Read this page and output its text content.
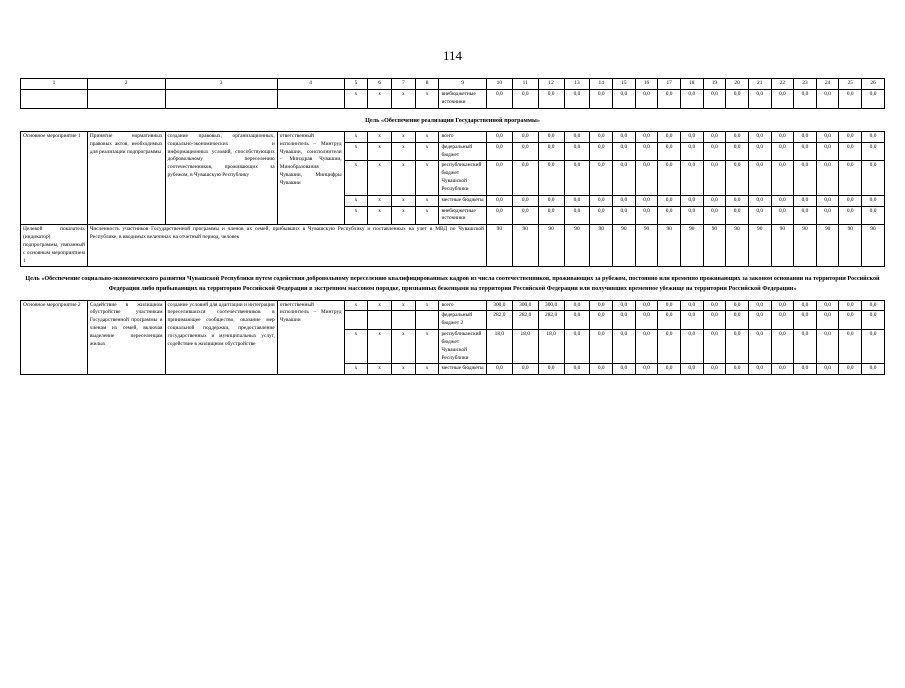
114
1	2	3	4	5	6	7	8	9	10	11	12	13	14	15	16	17	18	19	20	21	22	23	24	25	26
				x	x	x	x	внебюджетные источники	0,0	0,0	0,0	0,0	0,0	0,0	0,0	0,0	0,0	0,0	0,0	0,0	0,0	0,0	0,0	0,0	0,0
Цель «Обеспечение реализации Государственной программы»
Основное мероприятие 1	Принятие нормативных правовых актов, необходимых для реализации подпрограммы	создание правовых, организационных, социально-экономических и информационных условий, способствующих добровольному переселению соотечественников, проживающих за рубежом, в Чувашскую Республику	ответственный исполнитель – Минтруд Чувашии, соисполнители – Минздрав Чувашии, Минобразования Чувашии, Минцифры Чувашии	x	x	x	x	всего	0,0	0,0	0,0	0,0	0,0	0,0	0,0	0,0	0,0	0,0	0,0	0,0	0,0	0,0	0,0	0,0	0,0
				x	x	x	x	федеральный бюджет	0,0	0,0	0,0	0,0	0,0	0,0	0,0	0,0	0,0	0,0	0,0	0,0	0,0	0,0	0,0	0,0	0,0
				x	x	x	x	республиканский бюджет Чувашской Республики	0,0	0,0	0,0	0,0	0,0	0,0	0,0	0,0	0,0	0,0	0,0	0,0	0,0	0,0	0,0	0,0	0,0
				x	x	x	x	местные бюджеты	0,0	0,0	0,0	0,0	0,0	0,0	0,0	0,0	0,0	0,0	0,0	0,0	0,0	0,0	0,0	0,0	0,0
				x	x	x	x	внебюджетные источники	0,0	0,0	0,0	0,0	0,0	0,0	0,0	0,0	0,0	0,0	0,0	0,0	0,0	0,0	0,0	0,0	0,0
Целевой показатель (индикатор) подпрограммы, увязанный с основным мероприятием 1	Численность участников Государственной программы и членов их семей, прибывших в Чувашскую Республику и поставленных на учет в МВД по Чувашской Республике, в вводимых величинах на отчетный период, человек								90	90	90	90	90	90	90	90	90	90	90	90	90	90	90	90	90
Цель «Обеспечение социально-экономического развития Чувашской Республики путем содействия добровольному переселению квалифицированных кадров из числа соотечественников, проживающих за рубежом, постоянно или временно проживающих за законом основании на территории Российской Федерации либо прибывающих на территорию Российской Федерации в экстренном массовом порядке, признанных беженцами на территории Российской Федерации или получивших временное убежище на территории Российской Федерации»
Основное мероприятие 2	Содействие в жилищном обустройстве участникам Государственной программы и членам их семей, включая выделение переселенцам жилых	создание условий для адаптации и интеграции переселившихся соотечественников в принимающее сообщество, оказание мер социальной поддержки, предоставление государственных и муниципальных услуг, содействие в жилищном обустройстве	ответственный исполнитель – Минтруд Чувашии	x	x	x	x	всего	300,0	300,0	300,0	0,0	0,0	0,0	0,0	0,0	0,0	0,0	0,0	0,0	0,0	0,0	0,0	0,0	0,0
								федеральный бюджет 2	282,0	282,0	282,0	0,0	0,0	0,0	0,0	0,0	0,0	0,0	0,0	0,0	0,0	0,0	0,0	0,0	0,0
				x	x	x	x	республиканский бюджет Чувашской Республики	18,0	18,0	18,0	0,0	0,0	0,0	0,0	0,0	0,0	0,0	0,0	0,0	0,0	0,0	0,0	0,0	0,0
				x	x	x	x	местные бюджеты	0,0	0,0	0,0	0,0	0,0	0,0	0,0	0,0	0,0	0,0	0,0	0,0	0,0	0,0	0,0	0,0	0,0
